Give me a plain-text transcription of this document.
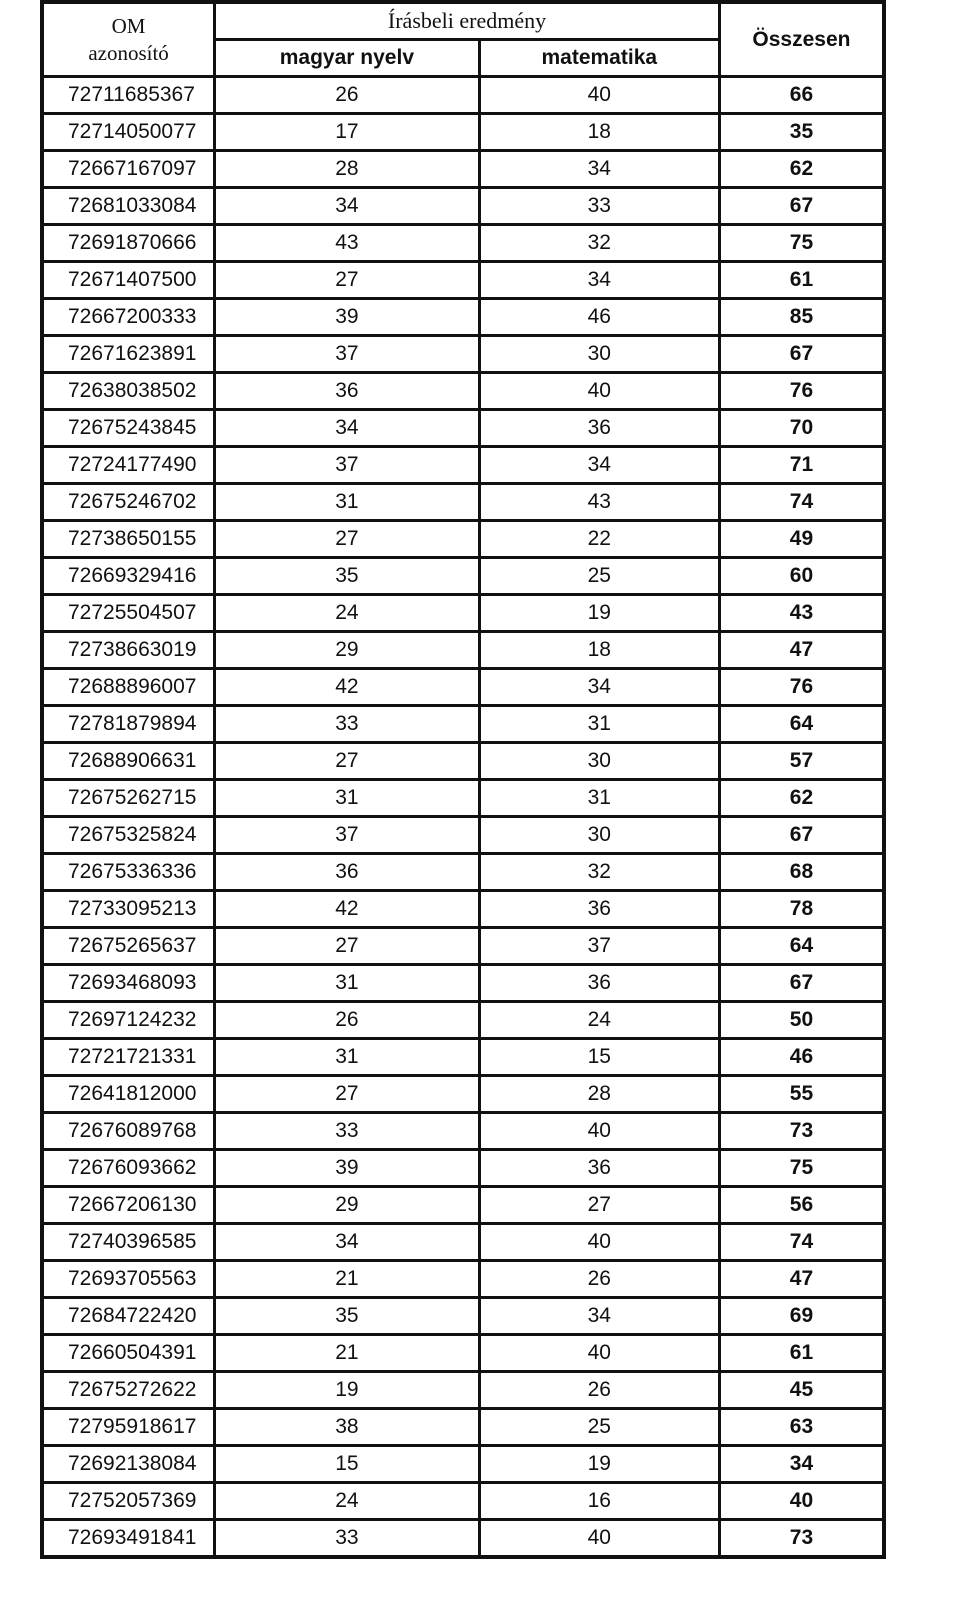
OM
azonosító	Írásbeli eredmény		Összesen
	magyar nyelv	matematika	
72711685367	26	40	66
72714050077	17	18	35
72667167097	28	34	62
72681033084	34	33	67
72691870666	43	32	75
72671407500	27	34	61
72667200333	39	46	85
72671623891	37	30	67
72638038502	36	40	76
72675243845	34	36	70
72724177490	37	34	71
72675246702	31	43	74
72738650155	27	22	49
72669329416	35	25	60
72725504507	24	19	43
72738663019	29	18	47
72688896007	42	34	76
72781879894	33	31	64
72688906631	27	30	57
72675262715	31	31	62
72675325824	37	30	67
72675336336	36	32	68
72733095213	42	36	78
72675265637	27	37	64
72693468093	31	36	67
72697124232	26	24	50
72721721331	31	15	46
72641812000	27	28	55
72676089768	33	40	73
72676093662	39	36	75
72667206130	29	27	56
72740396585	34	40	74
72693705563	21	26	47
72684722420	35	34	69
72660504391	21	40	61
72675272622	19	26	45
72795918617	38	25	63
72692138084	15	19	34
72752057369	24	16	40
72693491841	33	40	73
